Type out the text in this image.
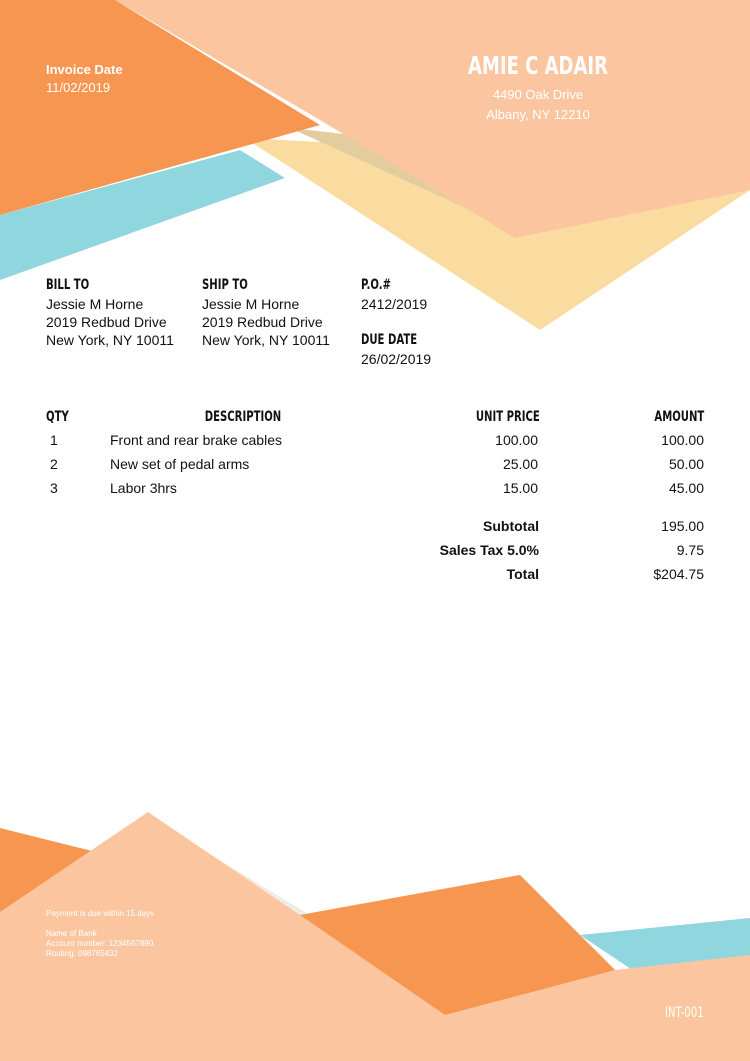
Invoice Date
11/02/2019
AMIE C ADAIR
4490 Oak Drive
Albany, NY 12210
BILL TO
Jessie M Horne
2019 Redbud Drive
New York, NY 10011
SHIP TO
Jessie M Horne
2019 Redbud Drive
New York, NY 10011
P.O.#
2412/2019
DUE DATE
26/02/2019
QTY	DESCRIPTION	UNIT PRICE	AMOUNT
1	Front and rear brake cables	100.00	100.00
2	New set of pedal arms	25.00	50.00
3	Labor 3hrs	15.00	45.00
Subtotal	195.00
Sales Tax 5.0%	9.75
Total	$204.75
Payment is due within 15 days
Name of Bank
Account number: 1234567890
Routing: 098765432
INT-001
